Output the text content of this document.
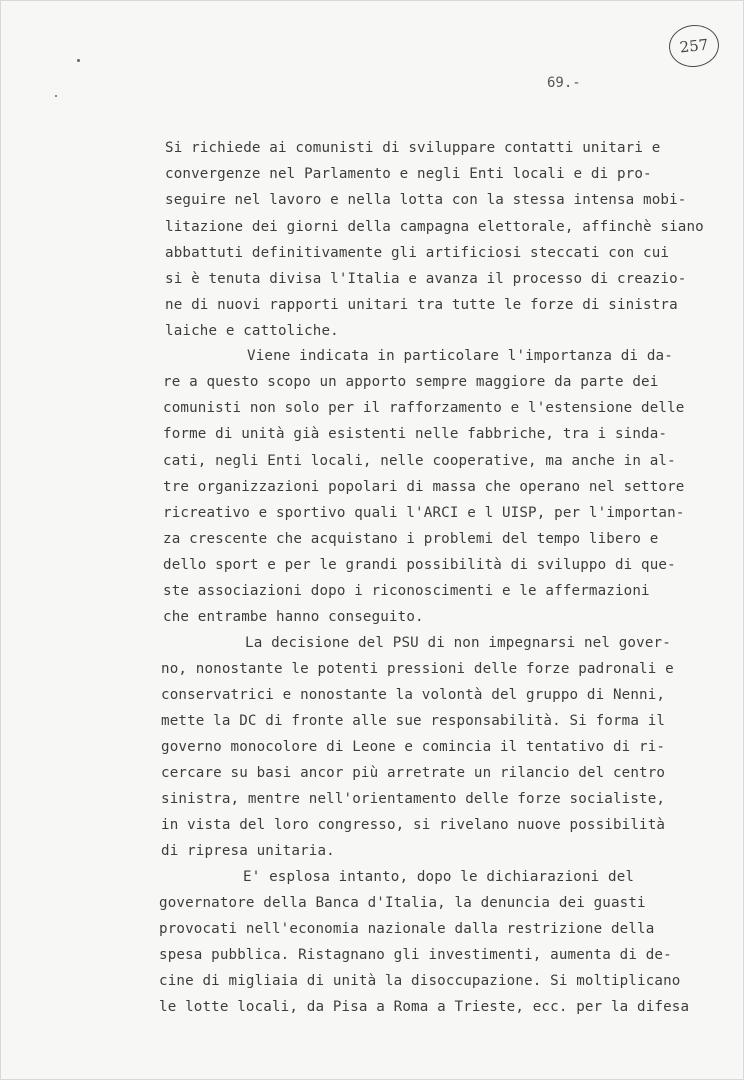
257
69.-
Si richiede ai comunisti di sviluppare contatti unitari e
convergenze nel Parlamento e negli Enti locali e di pro-
seguire nel lavoro e nella lotta con la stessa intensa mobi-
litazione dei giorni della campagna elettorale, affinchè siano
abbattuti definitivamente gli artificiosi steccati con cui
si è tenuta divisa l'Italia e avanza il processo di creazio-
ne di nuovi rapporti unitari tra tutte le forze di sinistra
laiche e cattoliche.
Viene indicata in particolare l'importanza di da-
re a questo scopo un apporto sempre maggiore da parte dei
comunisti non solo per il rafforzamento e l'estensione delle
forme di unità già esistenti nelle fabbriche, tra i sinda-
cati, negli Enti locali, nelle cooperative, ma anche in al-
tre organizzazioni popolari di massa che operano nel settore
ricreativo e sportivo quali l'ARCI e l UISP, per l'importan-
za crescente che acquistano i problemi del tempo libero e
dello sport e per le grandi possibilità di sviluppo di que-
ste associazioni dopo i riconoscimenti e le affermazioni
che entrambe hanno conseguito.
La decisione del PSU di non impegnarsi nel gover-
no, nonostante le potenti pressioni delle forze padronali e
conservatrici e nonostante la volontà del gruppo di Nenni,
mette la DC di fronte alle sue responsabilità. Si forma il
governo monocolore di Leone e comincia il tentativo di ri-
cercare su basi ancor più arretrate un rilancio del centro
sinistra, mentre nell'orientamento delle forze socialiste,
in vista del loro congresso, si rivelano nuove possibilità
di ripresa unitaria.
E' esplosa intanto, dopo le dichiarazioni del
governatore della Banca d'Italia, la denuncia dei guasti
provocati nell'economia nazionale dalla restrizione della
spesa pubblica. Ristagnano gli investimenti, aumenta di de-
cine di migliaia di unità la disoccupazione. Si moltiplicano
le lotte locali, da Pisa a Roma a Trieste, ecc. per la difesa
